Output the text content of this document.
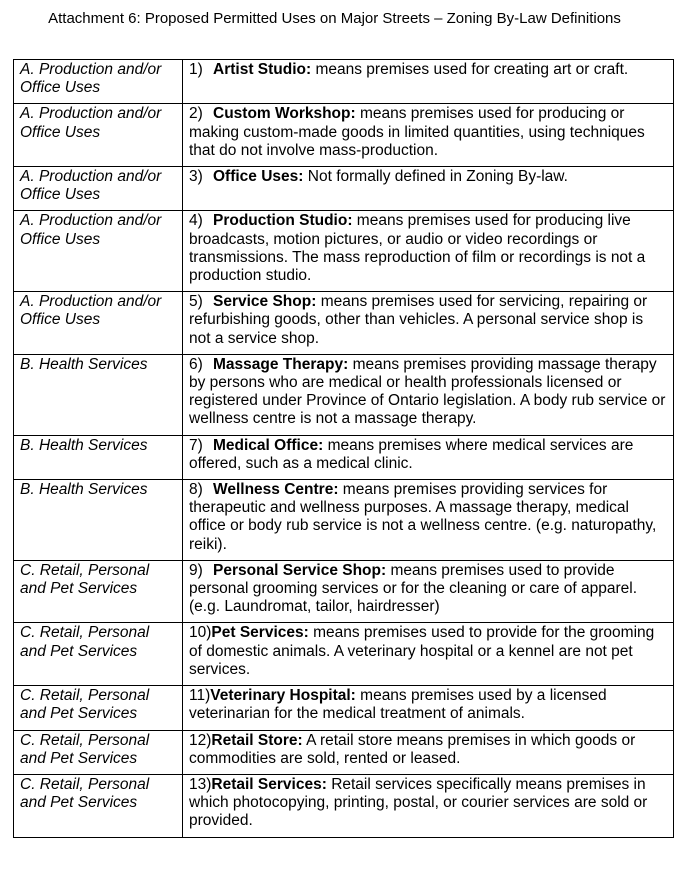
Attachment 6: Proposed Permitted Uses on Major Streets – Zoning By-Law Definitions
A. Production and/or Office Uses	1) Artist Studio: means premises used for creating art or craft.
A. Production and/or Office Uses	2) Custom Workshop: means premises used for producing or making custom-made goods in limited quantities, using techniques that do not involve mass-production.
A. Production and/or Office Uses	3) Office Uses: Not formally defined in Zoning By-law.
A. Production and/or Office Uses	4) Production Studio: means premises used for producing live broadcasts, motion pictures, or audio or video recordings or transmissions. The mass reproduction of film or recordings is not a production studio.
A. Production and/or Office Uses	5) Service Shop: means premises used for servicing, repairing or refurbishing goods, other than vehicles. A personal service shop is not a service shop.
B. Health Services	6) Massage Therapy: means premises providing massage therapy by persons who are medical or health professionals licensed or registered under Province of Ontario legislation. A body rub service or wellness centre is not a massage therapy.
B. Health Services	7) Medical Office: means premises where medical services are offered, such as a medical clinic.
B. Health Services	8) Wellness Centre: means premises providing services for therapeutic and wellness purposes. A massage therapy, medical office or body rub service is not a wellness centre. (e.g. naturopathy, reiki).
C. Retail, Personal and Pet Services	9) Personal Service Shop: means premises used to provide personal grooming services or for the cleaning or care of apparel. (e.g. Laundromat, tailor, hairdresser)
C. Retail, Personal and Pet Services	10)Pet Services: means premises used to provide for the grooming of domestic animals. A veterinary hospital or a kennel are not pet services.
C. Retail, Personal and Pet Services	11)Veterinary Hospital: means premises used by a licensed veterinarian for the medical treatment of animals.
C. Retail, Personal and Pet Services	12)Retail Store: A retail store means premises in which goods or commodities are sold, rented or leased.
C. Retail, Personal and Pet Services	13)Retail Services: Retail services specifically means premises in which photocopying, printing, postal, or courier services are sold or provided.
